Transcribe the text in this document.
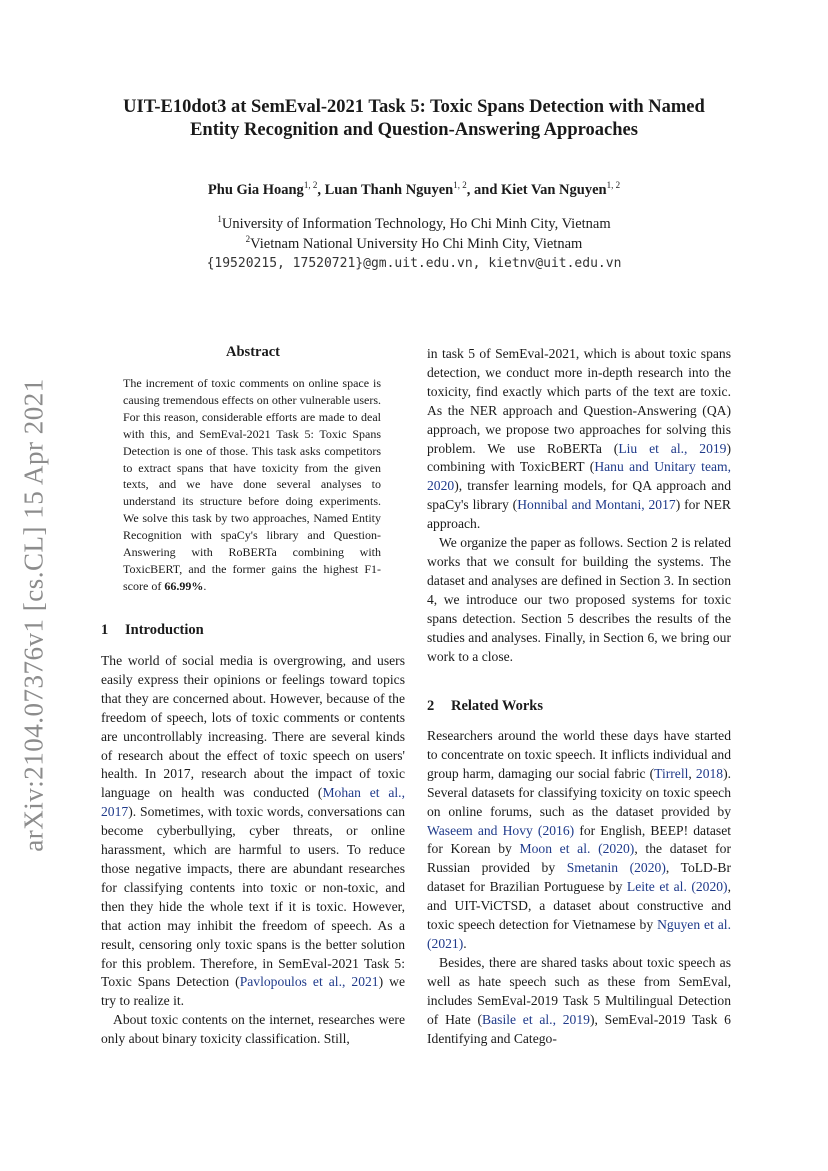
UIT-E10dot3 at SemEval-2021 Task 5: Toxic Spans Detection with Named
Entity Recognition and Question-Answering Approaches
Phu Gia Hoang$^{1, 2}$, Luan Thanh Nguyen$^{1, 2}$, and Kiet Van Nguyen$^{1, 2}$
$^1$University of Information Technology, Ho Chi Minh City, Vietnam
$^2$Vietnam National University Ho Chi Minh City, Vietnam
{19520215, 17520721}@gm.uit.edu.vn, kietnv@uit.edu.vn
arXiv:2104.07376v1 [cs.CL] 15 Apr 2021
Abstract
The increment of toxic comments on online space is causing tremendous effects on other vulnerable users. For this reason, considerable efforts are made to deal with this, and SemEval-2021 Task 5: Toxic Spans Detection is one of those. This task asks competitors to extract spans that have toxicity from the given texts, and we have done several analyses to understand its structure before doing experiments. We solve this task by two approaches, Named Entity Recognition with spaCy's library and Question-Answering with RoBERTa combining with ToxicBERT, and the former gains the highest F1-score of 66.99%.
1 Introduction

The world of social media is overgrowing, and users easily express their opinions or feelings toward topics that they are concerned about. However, because of the freedom of speech, lots of toxic comments or contents are uncontrollably increasing. There are several kinds of research about the effect of toxic speech on users' health. In 2017, research about the impact of toxic language on health was conducted (Mohan et al., 2017). Sometimes, with toxic words, conversations can become cyberbullying, cyber threats, or online harassment, which are harmful to users. To reduce those negative impacts, there are abundant researches for classifying contents into toxic or non-toxic, and then they hide the whole text if it is toxic. However, that action may inhibit the freedom of speech. As a result, censoring only toxic spans is the better solution for this problem. Therefore, in SemEval-2021 Task 5: Toxic Spans Detection (Pavlopoulos et al., 2021) we try to realize it.

About toxic contents on the internet, researches were only about binary toxicity classification. Still,

in task 5 of SemEval-2021, which is about toxic spans detection, we conduct more in-depth research into the toxicity, find exactly which parts of the text are toxic. As the NER approach and Question-Answering (QA) approach, we propose two approaches for solving this problem. We use RoBERTa (Liu et al., 2019) combining with ToxicBERT (Hanu and Unitary team, 2020), transfer learning models, for QA approach and spaCy's library (Honnibal and Montani, 2017) for NER approach.

We organize the paper as follows. Section 2 is related works that we consult for building the systems. The dataset and analyses are defined in Section 3. In section 4, we introduce our two proposed systems for toxic spans detection. Section 5 describes the results of the studies and analyses. Finally, in Section 6, we bring our work to a close.

2 Related Works

Researchers around the world these days have started to concentrate on toxic speech. It inflicts individual and group harm, damaging our social fabric (Tirrell, 2018). Several datasets for classifying toxicity on toxic speech on online forums, such as the dataset provided by Waseem and Hovy (2016) for English, BEEP! dataset for Korean by Moon et al. (2020), the dataset for Russian provided by Smetanin (2020), ToLD-Br dataset for Brazilian Portuguese by Leite et al. (2020), and UIT-ViCTSD, a dataset about constructive and toxic speech detection for Vietnamese by Nguyen et al. (2021).

Besides, there are shared tasks about toxic speech as well as hate speech such as these from SemEval, includes SemEval-2019 Task 5 Multilingual Detection of Hate (Basile et al., 2019), SemEval-2019 Task 6 Identifying and Catego-
